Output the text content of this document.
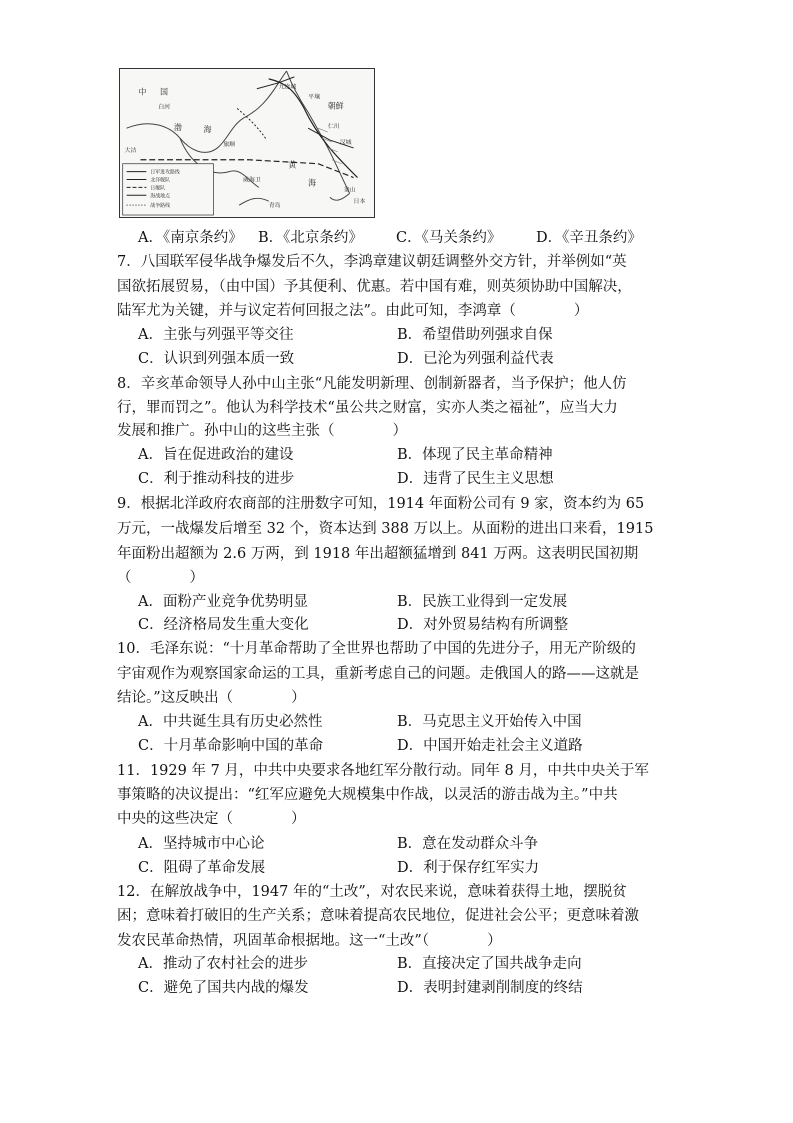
中 国
白河
渤	海
大沽
九连城
旅顺
朝鲜
汉城
平壤
仁川
威海卫
日本
黄
海
青岛
釜山
日军进攻路线
北洋舰队
日舰队
海战地点
战争路线
A．《南京条约》 B．《北京条约》 C．《马关条约》 D．《辛丑条约》
7．八国联军侵华战争爆发后不久，李鸿章建议朝廷调整外交方针，并举例如“英
国欲拓展贸易，（由中国）予其便利、优惠。若中国有难，则英须协助中国解决，
陆军尤为关键，并与议定若何回报之法”。由此可知，李鸿章（　　　　）
A．主张与列强平等交往	B．希望借助列强求自保
C．认识到列强本质一致	D．已沦为列强利益代表
8．辛亥革命领导人孙中山主张“凡能发明新理、创制新器者，当予保护；他人仿
行，罪而罚之”。他认为科学技术“虽公共之财富，实亦人类之福祉”，应当大力
发展和推广。孙中山的这些主张（　　　　）
A．旨在促进政治的建设	B．体现了民主革命精神
C．利于推动科技的进步	D．违背了民生主义思想
9．根据北洋政府农商部的注册数字可知，1914 年面粉公司有 9 家，资本约为 65
万元，一战爆发后增至 32 个，资本达到 388 万以上。从面粉的进出口来看，1915
年面粉出超额为 2.6 万两，到 1918 年出超额猛增到 841 万两。这表明民国初期
（　　　　）
A．面粉产业竞争优势明显	B．民族工业得到一定发展
C．经济格局发生重大变化	D．对外贸易结构有所调整
10．毛泽东说：“十月革命帮助了全世界也帮助了中国的先进分子，用无产阶级的
宇宙观作为观察国家命运的工具，重新考虑自己的问题。走俄国人的路——这就是
结论。”这反映出（　　　　）
A．中共诞生具有历史必然性	B．马克思主义开始传入中国
C．十月革命影响中国的革命	D．中国开始走社会主义道路
11．1929 年 7 月，中共中央要求各地红军分散行动。同年 8 月，中共中央关于军
事策略的决议提出：“红军应避免大规模集中作战，以灵活的游击战为主。”中共
中央的这些决定（　　　　）
A．坚持城市中心论	B．意在发动群众斗争
C．阻碍了革命发展	D．利于保存红军实力
12．在解放战争中，1947 年的“土改”，对农民来说，意味着获得土地，摆脱贫
困；意味着打破旧的生产关系；意味着提高农民地位，促进社会公平；更意味着激
发农民革命热情，巩固革命根据地。这一“土改”（　　　　）
A．推动了农村社会的进步	B．直接决定了国共战争走向
C．避免了国共内战的爆发	D．表明封建剥削制度的终结
